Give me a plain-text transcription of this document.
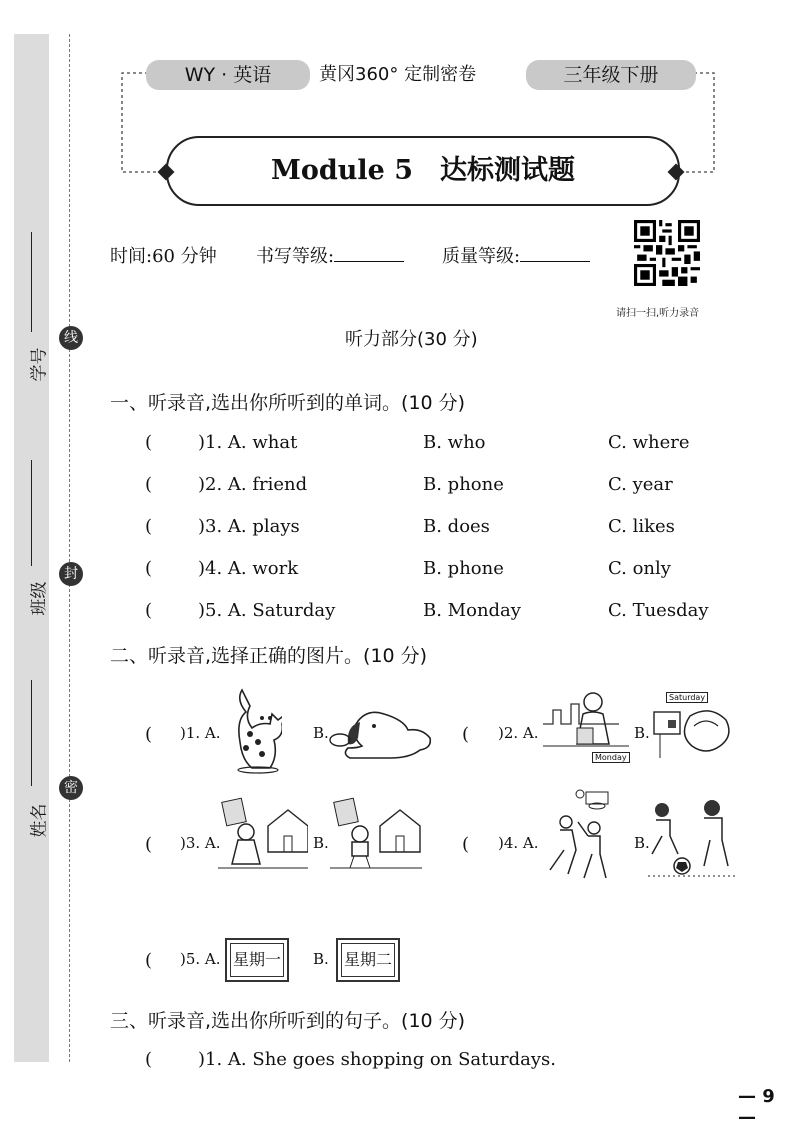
线
封
密
学号
班级
姓名
WY · 英语	黄冈360° 定制密卷	三年级下册
Module 5　达标测试题
时间:60 分钟 书写等级:	质量等级:
请扫一扫,听力录音
听力部分(30 分)
一、听录音,选出你所听到的单词。(10 分)
(	)1. A. what	B. who	C. where
(	)2. A. friend	B. phone	C. year
(	)3. A. plays	B. does	C. likes
(	)4. A. work	B. phone	C. only
(	)5. A. Saturday	B. Monday	C. Tuesday
二、听录音,选择正确的图片。(10 分)
( )1. A.	B.	( )2. A.
Monday
B.
Saturday
( )3. A.	B.	( )4. A.	B.
( )5. A. 星期一 B. 星期二
三、听录音,选出你所听到的句子。(10 分)
(	)1. A. She goes shopping on Saturdays.
— 9 —
